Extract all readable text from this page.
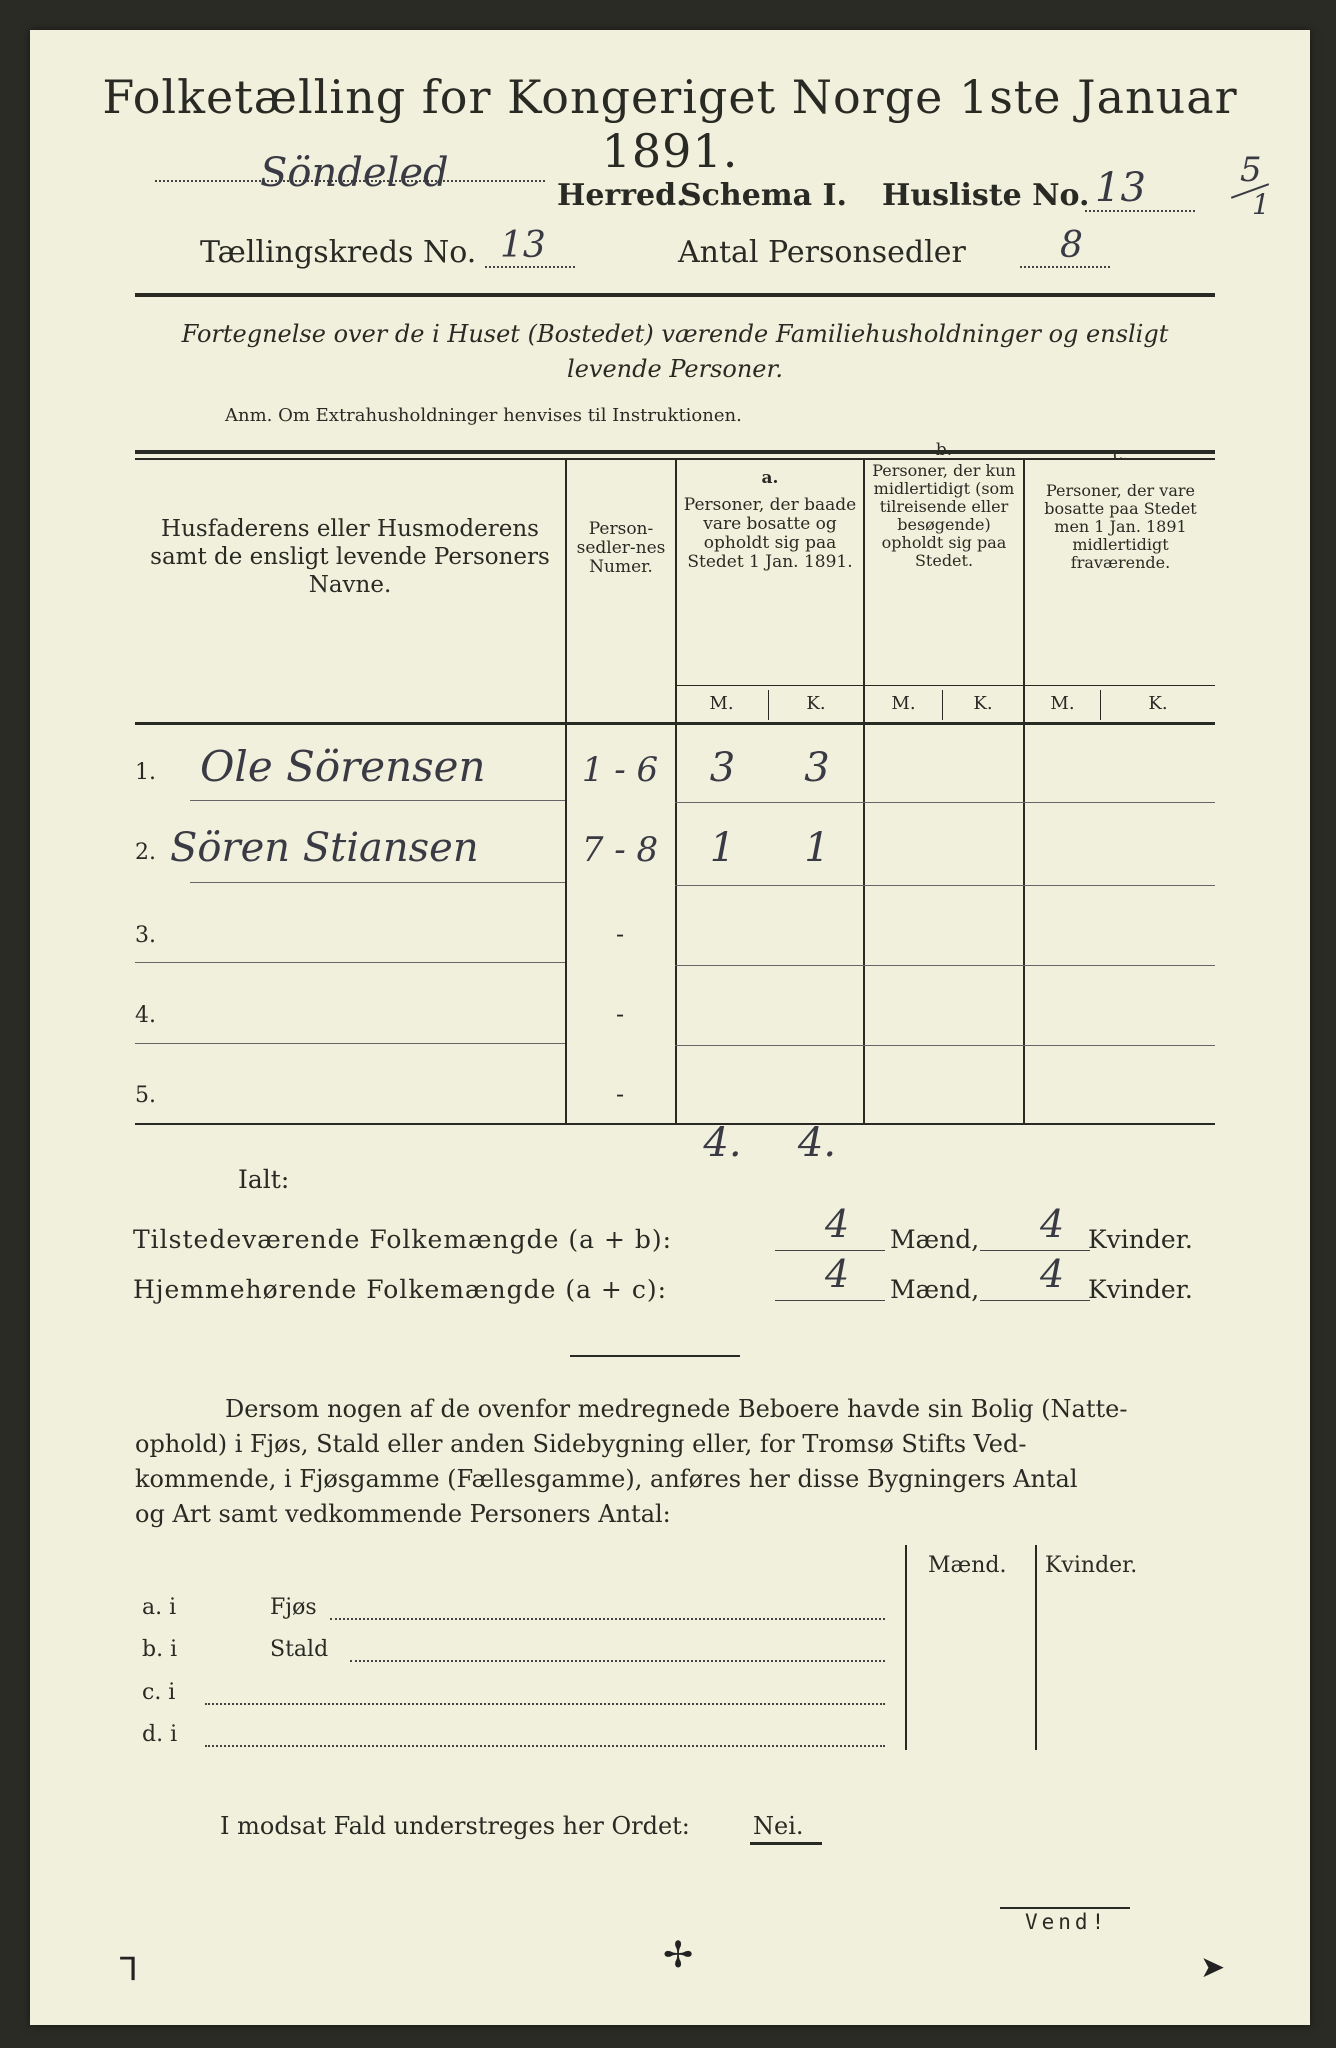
Folketælling for Kongeriget Norge 1ste Januar 1891.
Söndeled	Herred.
Schema I. Husliste No. 13	5
1
Tællingskreds No. 13	Antal Personsedler	8
Fortegnelse over de i Huset (Bostedet) værende Familiehusholdninger og ensligt
levende Personer.
Anm. Om Extrahusholdninger henvises til Instruktionen.
Husfaderens eller Husmoderens samt de ensligt levende Personers Navne.
Person-sedler-nes Numer.
a.
Personer, der baade vare bosatte og opholdt sig paa Stedet 1 Jan. 1891.
b.
Personer, der kun midlertidigt (som tilreisende eller besøgende) opholdt sig paa Stedet.
c.
Personer, der vare bosatte paa Stedet men 1 Jan. 1891 midlertidigt fraværende.
M.	K.	M.	K.	M.	K.
1. Ole Sörensen	1 - 6	3	3
2. Sören Stiansen	7 - 8	1	1
3.	-
4.	-
5.	-
4.	4.
Ialt:
Tilstedeværende Folkemængde (a + b):	4 Mænd, 4 Kvinder.
Hjemmehørende Folkemængde (a + c):	4 Mænd, 4 Kvinder.
Dersom nogen af de ovenfor medregnede Beboere havde sin Bolig (Natte-
ophold) i Fjøs, Stald eller anden Sidebygning eller, for Tromsø Stifts Ved-
kommende, i Fjøsgamme (Fællesgamme), anføres her disse Bygningers Antal
og Art samt vedkommende Personers Antal:
Mænd. Kvinder.
a. i	Fjøs
b. i	Stald
c. i
d. i
I modsat Fald understreges her Ordet:	Nei.
Vend!
⅂	✢	➤
